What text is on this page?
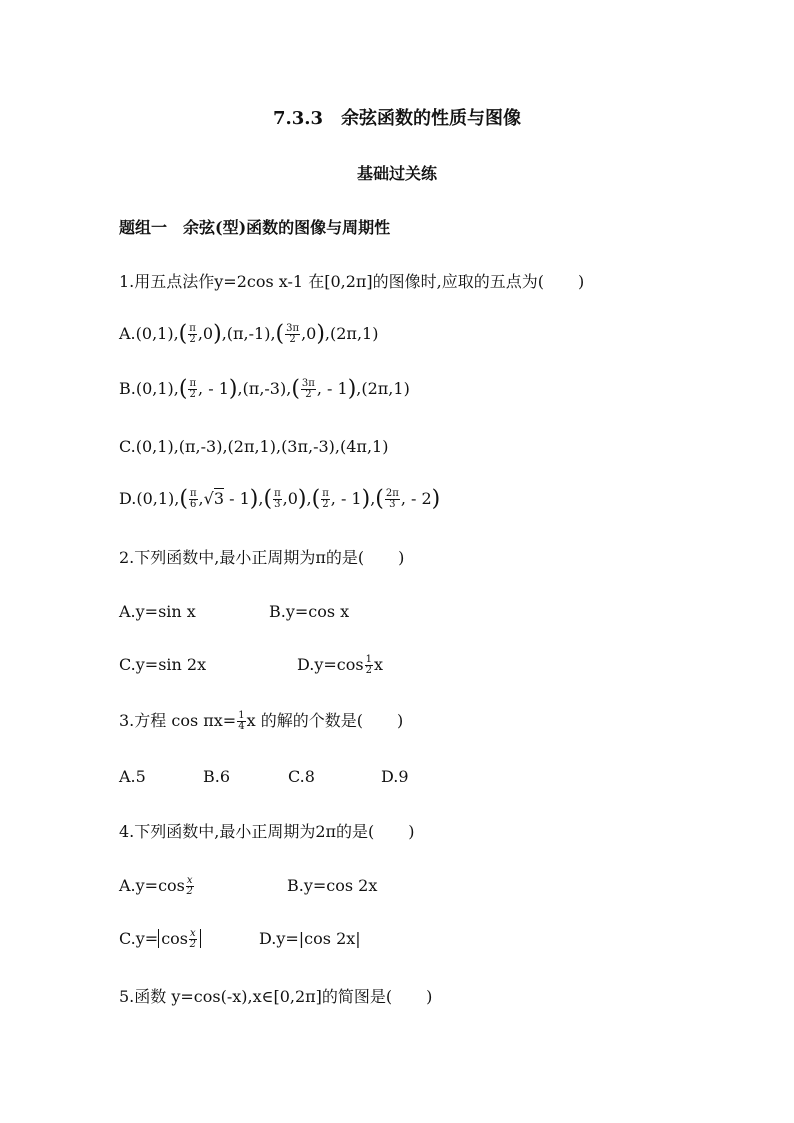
7.3.3 余弦函数的性质与图像
基础过关练
题组一　余弦(型)函数的图像与周期性
1.用五点法作y=2cos x-1 在[0,2π]的图像时,应取的五点为( )
$A.(0,1),( \frac{\pi}{2} ,0),(\pi,-1),( \frac{3\pi}{2} ,0),(2\pi,1)$
$B.(0,1),( \frac{\pi}{2}$ , - $1),(\pi,-3),( \frac{3\pi}{2}$ , - 1),(2π,1)
C.(0,1),(π,-3),(2π,1),(3π,-3),(4π,1)
$D.(0,1),( \frac{\pi}{6} ,√3 - 1),( \frac{\pi}{3} ,0),( \frac{\pi}{2}$ , - $1),( \frac{2\pi}{3}$ , - 2)
2.下列函数中,最小正周期为π的是( )
A.y=sin x	B.y=cos x
C.y=sin 2x	$D.y=\cos \frac{1}{2}$ x
3.方程 $\cos \pi x= \frac{1}{4}$ x 的解的个数是( )
A.5	B.6	C.8	D.9
4.下列函数中,最小正周期为2π的是( )
$A.y=\cos \frac{x}{2}$	B.y=cos 2x
$C.y= \cos \frac{x}{2}$	D.y=|cos 2x|
5.函数 y=cos(-x),x∈[0,2π]的简图是( )
